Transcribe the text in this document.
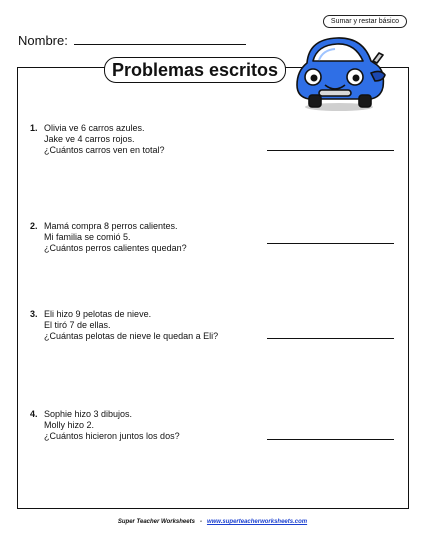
Sumar y restar básico
Nombre:
Problemas escritos
1. Olivia ve 6 carros azules.
Jake ve 4 carros rojos.
¿Cuántos carros ven en total?
2. Mamá compra 8 perros calientes.
Mi familia se comió 5.
¿Cuántos perros calientes quedan?
3. Eli hizo 9 pelotas de nieve.
El tiró 7 de ellas.
¿Cuántas pelotas de nieve le quedan a Eli?
4. Sophie hizo 3 dibujos.
Molly hizo 2.
¿Cuántos hicieron juntos los dos?
Super Teacher Worksheets - www.superteacherworksheets.com
